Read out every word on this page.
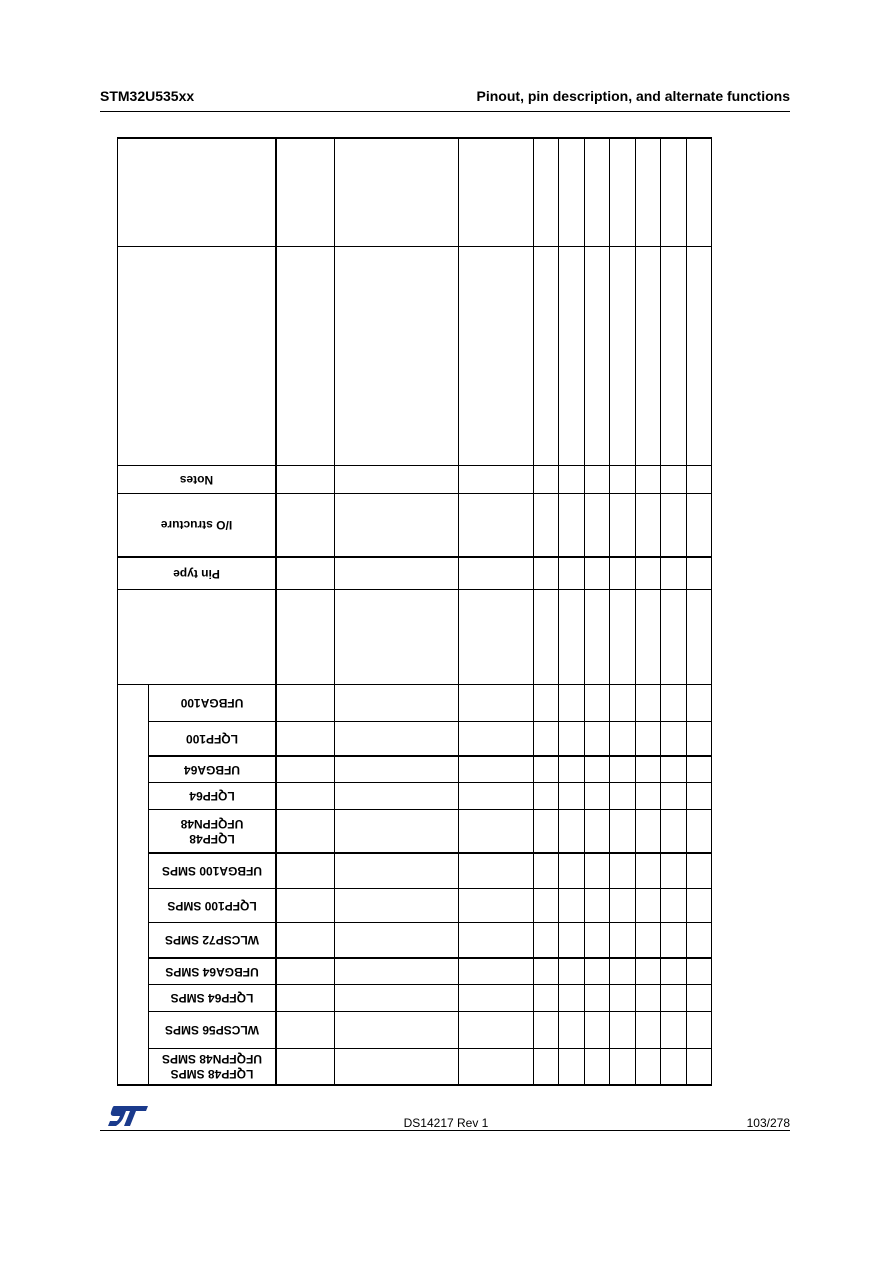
STM32U535xx	Pinout, pin description, and alternate functions
Notes
I/O structure
Pin type
UFBGA100
LQFP100
UFBGA64
LQFP64
LQFP48
UFQFPN48
UFBGA100 SMPS
LQFP100 SMPS
WLCSP72 SMPS
UFBGA64 SMPS
LQFP64 SMPS
WLCSP56 SMPS
LQFP48 SMPS
UFQFPN48 SMPS
DS14217 Rev 1	103/278
